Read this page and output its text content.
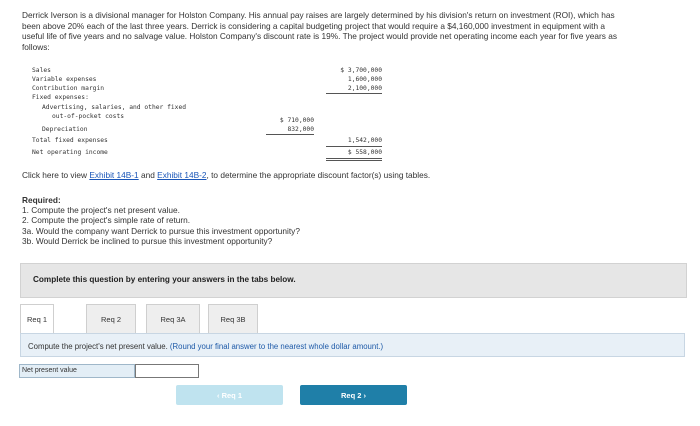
Derrick Iverson is a divisional manager for Holston Company. His annual pay raises are largely determined by his division's return on investment (ROI), which has been above 20% each of the last three years. Derrick is considering a capital budgeting project that would require a $4,160,000 investment in equipment with a useful life of five years and no salvage value. Holston Company's discount rate is 19%. The project would provide net operating income each year for five years as follows:
Sales	$ 3,700,000
Variable expenses	1,600,000
Contribution margin	2,100,000
Fixed expenses:
Advertising, salaries, and other fixed
out-of-pocket costs
$ 710,000
Depreciation	832,000
Total fixed expenses	1,542,000
Net operating income	$ 558,000
Click here to view Exhibit 14B-1 and Exhibit 14B-2, to determine the appropriate discount factor(s) using tables.
Required:
1. Compute the project's net present value.
2. Compute the project's simple rate of return.
3a. Would the company want Derrick to pursue this investment opportunity?
3b. Would Derrick be inclined to pursue this investment opportunity?
Complete this question by entering your answers in the tabs below.
Req 1	Req 2	Req 3A	Req 3B
Compute the project's net present value. (Round your final answer to the nearest whole dollar amount.)
Net present value
‹ Req 1	Req 2 ›
